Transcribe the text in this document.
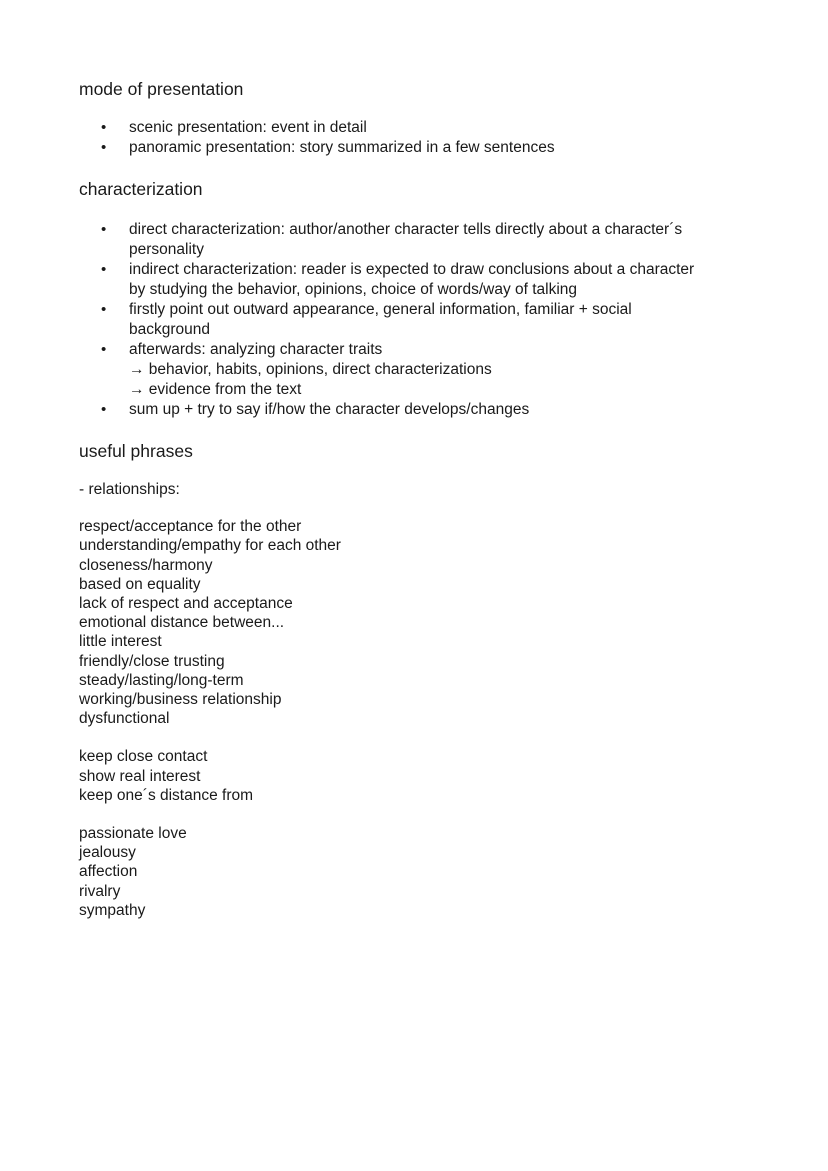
mode of presentation
• scenic presentation: event in detail
• panoramic presentation: story summarized in a few sentences
characterization
• direct characterization: author/another character tells directly about a character´s
personality
• indirect characterization: reader is expected to draw conclusions about a character
by studying the behavior, opinions, choice of words/way of talking
• firstly point out outward appearance, general information, familiar + social
background
• afterwards: analyzing character traits
→ behavior, habits, opinions, direct characterizations
→ evidence from the text
• sum up + try to say if/how the character develops/changes
useful phrases

- relationships:

respect/acceptance for the other

understanding/empathy for each other

closeness/harmony

based on equality

lack of respect and acceptance

emotional distance between...

little interest

friendly/close trusting

steady/lasting/long-term

working/business relationship

dysfunctional

keep close contact

show real interest

keep one´s distance from

passionate love

jealousy

affection

rivalry

sympathy
